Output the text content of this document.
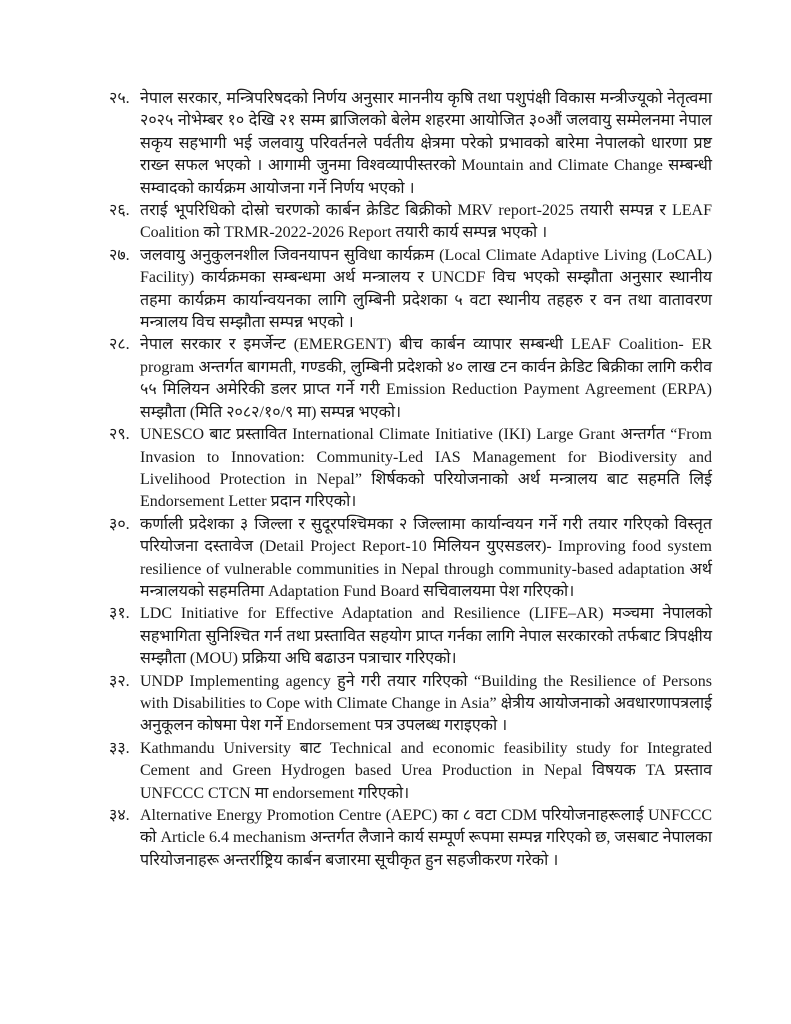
२५. नेपाल सरकार, मन्त्रिपरिषदको निर्णय अनुसार माननीय कृषि तथा पशुपंक्षी विकास मन्त्रीज्यूको नेतृत्वमा २०२५ नोभेम्बर १० देखि २१ सम्म ब्राजिलको बेलेम शहरमा आयोजित ३०औं जलवायु सम्मेलनमा नेपाल सकृय सहभागी भई जलवायु परिवर्तनले पर्वतीय क्षेत्रमा परेको प्रभावको बारेमा नेपालको धारणा प्रष्ट राख्न सफल भएको । आगामी जुनमा विश्वव्यापीस्तरको Mountain and Climate Change सम्बन्धी सम्वादको कार्यक्रम आयोजना गर्ने निर्णय भएको ।

२६. तराई भूपरिधिको दोस्रो चरणको कार्बन क्रेडिट बिक्रीको MRV report-2025 तयारी सम्पन्न र LEAF Coalition को TRMR-2022-2026 Report तयारी कार्य सम्पन्न भएको ।

२७. जलवायु अनुकुलनशील जिवनयापन सुविधा कार्यक्रम (Local Climate Adaptive Living (LoCAL) Facility) कार्यक्रमका सम्बन्धमा अर्थ मन्त्रालय र UNCDF विच भएको सम्झौता अनुसार स्थानीय तहमा कार्यक्रम कार्यान्वयनका लागि लुम्बिनी प्रदेशका ५ वटा स्थानीय तहहरु र वन तथा वातावरण मन्त्रालय विच सम्झौता सम्पन्न भएको ।

२८. नेपाल सरकार र इमर्जेन्ट (EMERGENT) बीच कार्बन व्यापार सम्बन्धी LEAF Coalition- ER program अन्तर्गत बागमती, गण्डकी, लुम्बिनी प्रदेशको ४० लाख टन कार्वन क्रेडिट बिक्रीका लागि करीव ५५ मिलियन अमेरिकी डलर प्राप्त गर्ने गरी Emission Reduction Payment Agreement (ERPA) सम्झौता (मिति २०८२/१०/९ मा) सम्पन्न भएको।

२९. UNESCO बाट प्रस्तावित International Climate Initiative (IKI) Large Grant अन्तर्गत “From Invasion to Innovation: Community-Led IAS Management for Biodiversity and Livelihood Protection in Nepal” शिर्षकको परियोजनाको अर्थ मन्त्रालय बाट सहमति लिई Endorsement Letter प्रदान गरिएको।

३०. कर्णाली प्रदेशका ३ जिल्ला र सुदूरपश्चिमका २ जिल्लामा कार्यान्वयन गर्ने गरी तयार गरिएको विस्तृत परियोजना दस्तावेज (Detail Project Report-10 मिलियन युएसडलर)- Improving food system resilience of vulnerable communities in Nepal through community-based adaptation अर्थ मन्त्रालयको सहमतिमा Adaptation Fund Board सचिवालयमा पेश गरिएको।

३१. LDC Initiative for Effective Adaptation and Resilience (LIFE–AR) मञ्चमा नेपालको सहभागिता सुनिश्चित गर्न तथा प्रस्तावित सहयोग प्राप्त गर्नका लागि नेपाल सरकारको तर्फबाट त्रिपक्षीय सम्झौता (MOU) प्रक्रिया अघि बढाउन पत्राचार गरिएको।

३२. UNDP Implementing agency हुने गरी तयार गरिएको “Building the Resilience of Persons with Disabilities to Cope with Climate Change in Asia” क्षेत्रीय आयोजनाको अवधारणापत्रलाई अनुकूलन कोषमा पेश गर्ने Endorsement पत्र उपलब्ध गराइएको ।

३३. Kathmandu University बाट Technical and economic feasibility study for Integrated Cement and Green Hydrogen based Urea Production in Nepal विषयक TA प्रस्ताव UNFCCC CTCN मा endorsement गरिएको।

३४. Alternative Energy Promotion Centre (AEPC) का ८ वटा CDM परियोजनाहरूलाई UNFCCC को Article 6.4 mechanism अन्तर्गत लैजाने कार्य सम्पूर्ण रूपमा सम्पन्न गरिएको छ, जसबाट नेपालका परियोजनाहरू अन्तर्राष्ट्रिय कार्बन बजारमा सूचीकृत हुन सहजीकरण गरेको ।
